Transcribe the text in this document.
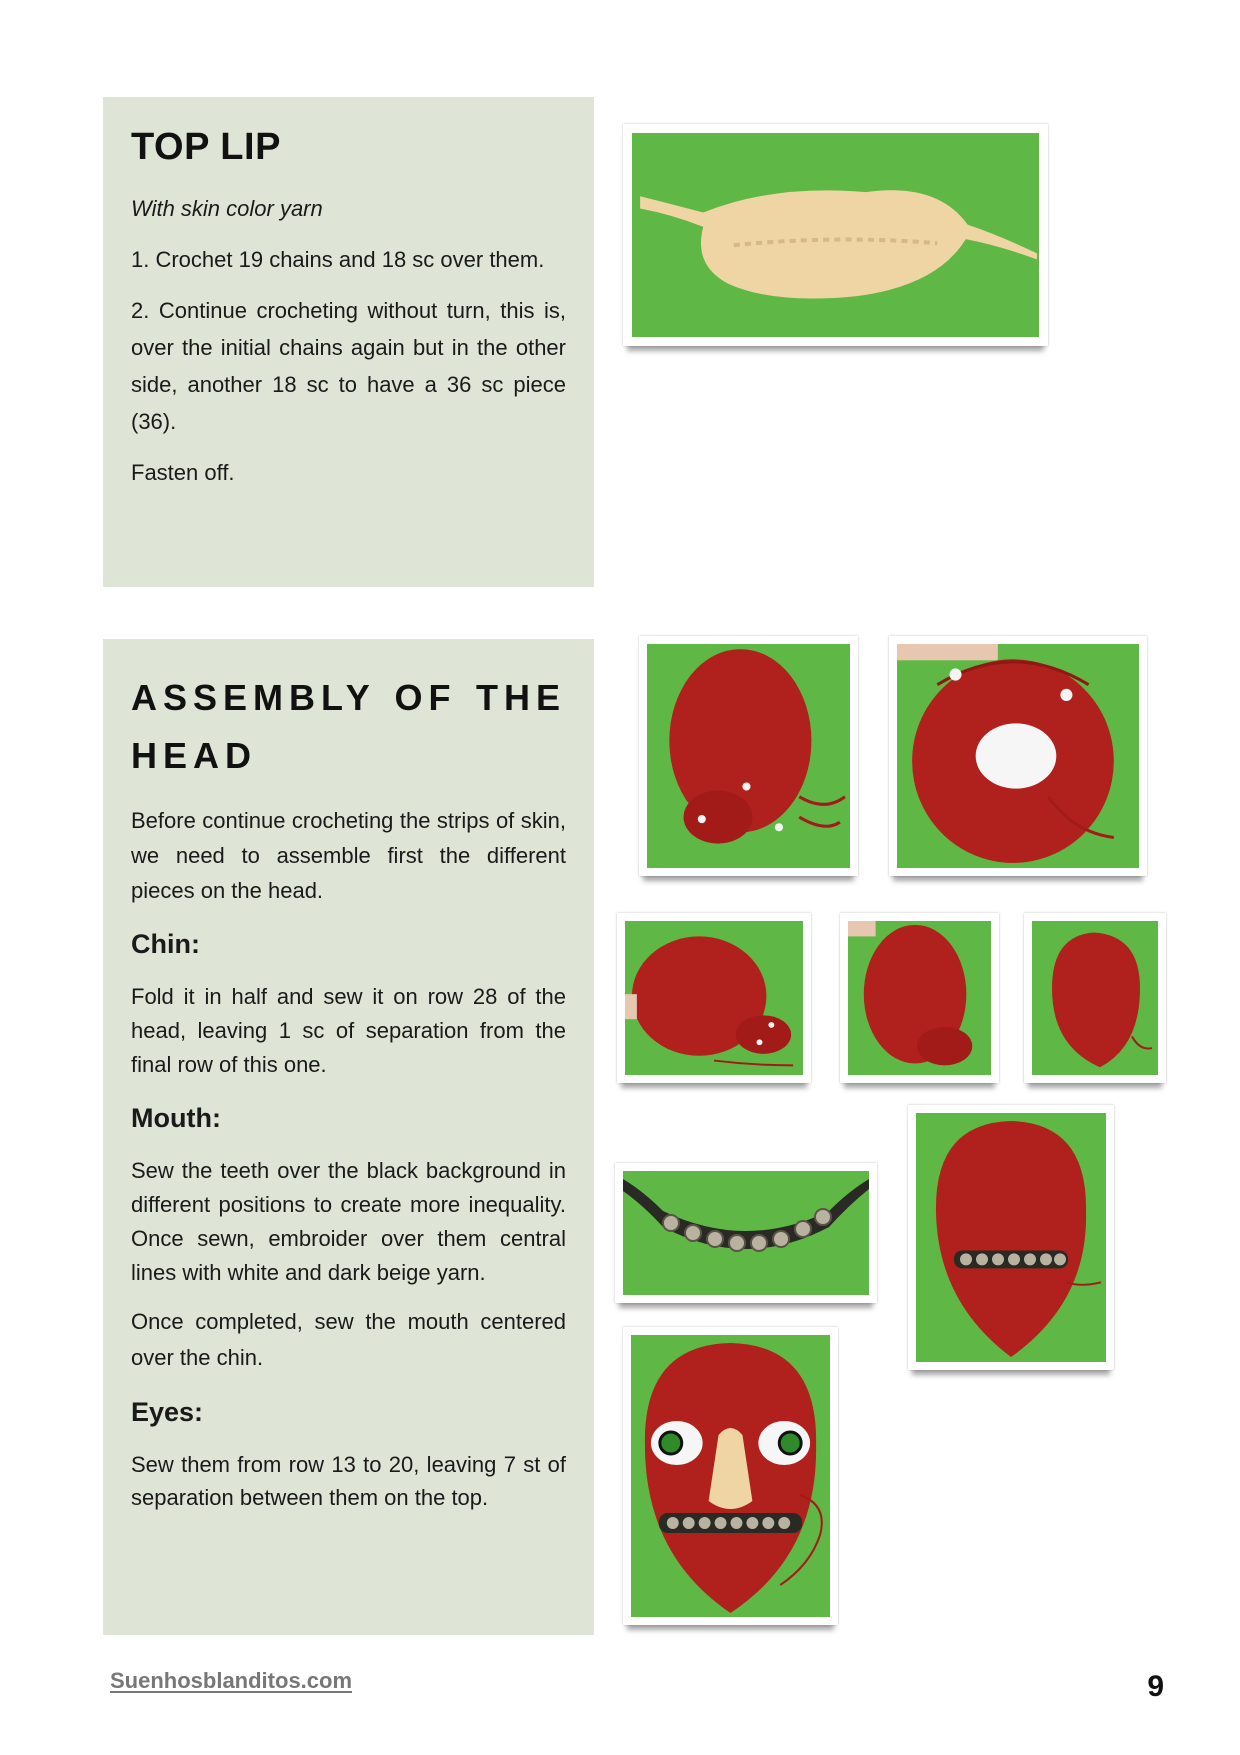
TOP LIP

With skin color yarn

1. Crochet 19 chains and 18 sc over them.

2. Continue crocheting without turn, this is, over the initial chains again but in the other side, another 18 sc to have a 36 sc piece (36).

Fasten off.

ASSEMBLY OF THE HEAD

Before continue crocheting the strips of skin, we need to assemble first the different pieces on the head.

Chin:

Fold it in half and sew it on row 28 of the head, leaving 1 sc of separation from the final row of this one.

Mouth:

Sew the teeth over the black background in different positions to create more inequality. Once sewn, embroider over them central lines with white and dark beige yarn.

Once completed, sew the mouth centered over the chin.

Eyes:

Sew them from row 13 to 20, leaving 7 st of separation between them on the top.

Suenhosblanditos.com	9
